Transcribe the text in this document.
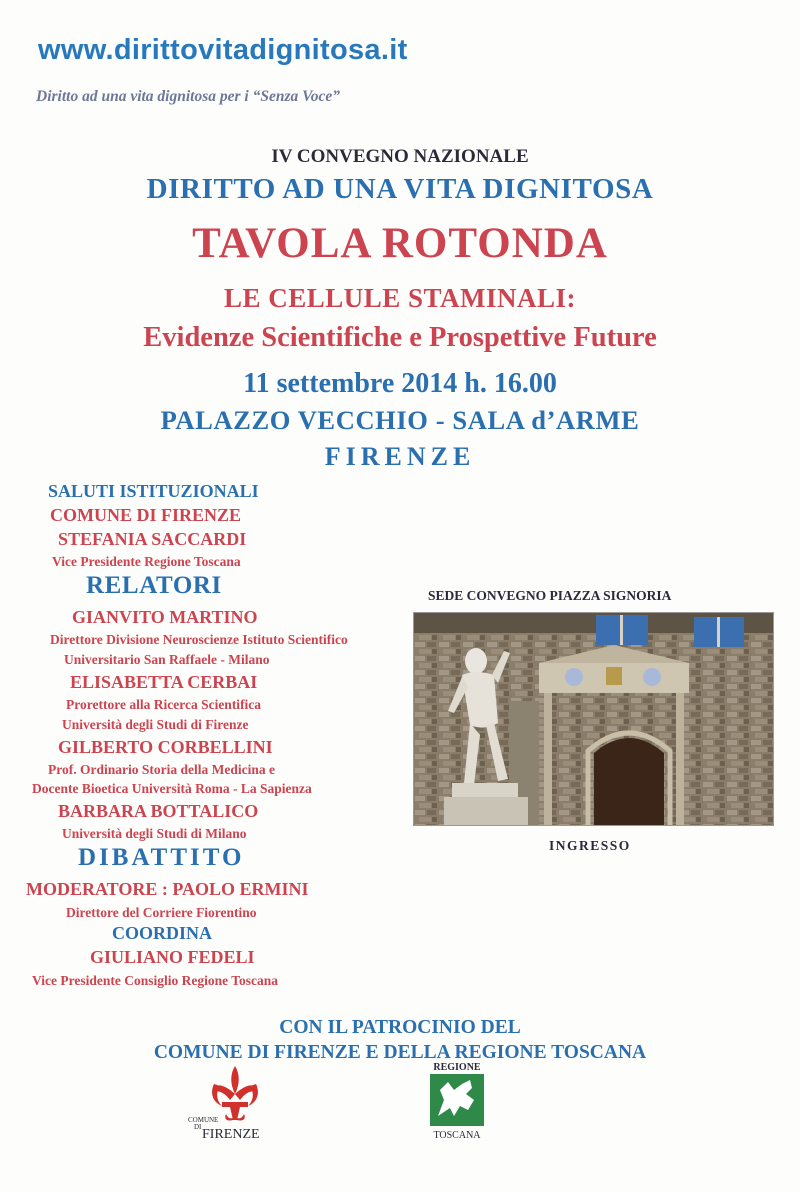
www.dirittovitadignitosa.it
Diritto ad una vita dignitosa per i “Senza Voce”
IV CONVEGNO NAZIONALE
DIRITTO AD UNA VITA DIGNITOSA
TAVOLA ROTONDA
LE CELLULE STAMINALI:
Evidenze Scientifiche e Prospettive Future
11 settembre 2014 h. 16.00
PALAZZO VECCHIO - SALA d’ARME
FIRENZE
SALUTI ISTITUZIONALI
COMUNE DI FIRENZE
STEFANIA SACCARDI
Vice Presidente Regione Toscana
RELATORI
GIANVITO MARTINO
Direttore Divisione Neuroscienze Istituto Scientifico
Universitario San Raffaele - Milano
ELISABETTA CERBAI
Prorettore alla Ricerca Scientifica
Università degli Studi di Firenze
GILBERTO CORBELLINI
Prof. Ordinario Storia della Medicina e
Docente Bioetica Università Roma - La Sapienza
BARBARA BOTTALICO
Università degli Studi di Milano
DIBATTITO
MODERATORE : PAOLO ERMINI
Direttore del Corriere Fiorentino
COORDINA
GIULIANO FEDELI
Vice Presidente Consiglio Regione Toscana
SEDE CONVEGNO PIAZZA SIGNORIA
INGRESSO
CON IL PATROCINIO DEL
COMUNE DI FIRENZE E DELLA REGIONE TOSCANA
COMUNE
DI FIRENZE
REGIONE
TOSCANA
